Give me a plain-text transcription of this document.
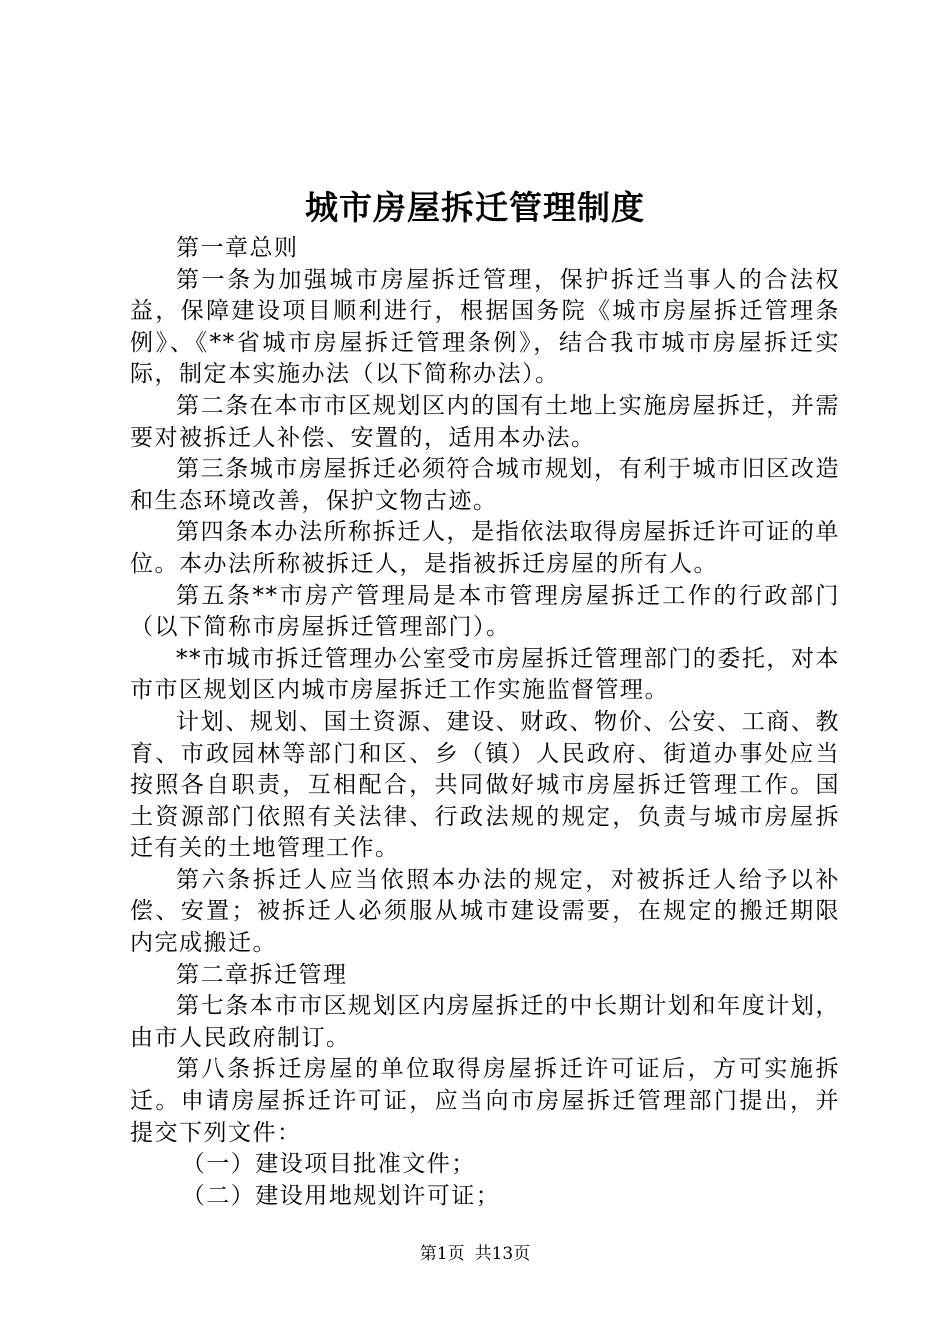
城市房屋拆迁管理制度

第一章总则

第一条为加强城市房屋拆迁管理，保护拆迁当事人的合法权益，保障建设项目顺利进行，根据国务院《城市房屋拆迁管理条例》、《**省城市房屋拆迁管理条例》，结合我市城市房屋拆迁实际，制定本实施办法（以下简称办法）。

第二条在本市市区规划区内的国有土地上实施房屋拆迁，并需要对被拆迁人补偿、安置的，适用本办法。

第三条城市房屋拆迁必须符合城市规划，有利于城市旧区改造和生态环境改善，保护文物古迹。

第四条本办法所称拆迁人，是指依法取得房屋拆迁许可证的单位。本办法所称被拆迁人，是指被拆迁房屋的所有人。

第五条**市房产管理局是本市管理房屋拆迁工作的行政部门（以下简称市房屋拆迁管理部门）。

**市城市拆迁管理办公室受市房屋拆迁管理部门的委托，对本市市区规划区内城市房屋拆迁工作实施监督管理。

计划、规划、国土资源、建设、财政、物价、公安、工商、教育、市政园林等部门和区、乡（镇）人民政府、街道办事处应当按照各自职责，互相配合，共同做好城市房屋拆迁管理工作。国土资源部门依照有关法律、行政法规的规定，负责与城市房屋拆迁有关的土地管理工作。

第六条拆迁人应当依照本办法的规定，对被拆迁人给予以补偿、安置；被拆迁人必须服从城市建设需要，在规定的搬迁期限内完成搬迁。

第二章拆迁管理

第七条本市市区规划区内房屋拆迁的中长期计划和年度计划，由市人民政府制订。

第八条拆迁房屋的单位取得房屋拆迁许可证后，方可实施拆迁。申请房屋拆迁许可证，应当向市房屋拆迁管理部门提出，并提交下列文件：

（一）建设项目批准文件；

（二）建设用地规划许可证；

第1页 共13页
